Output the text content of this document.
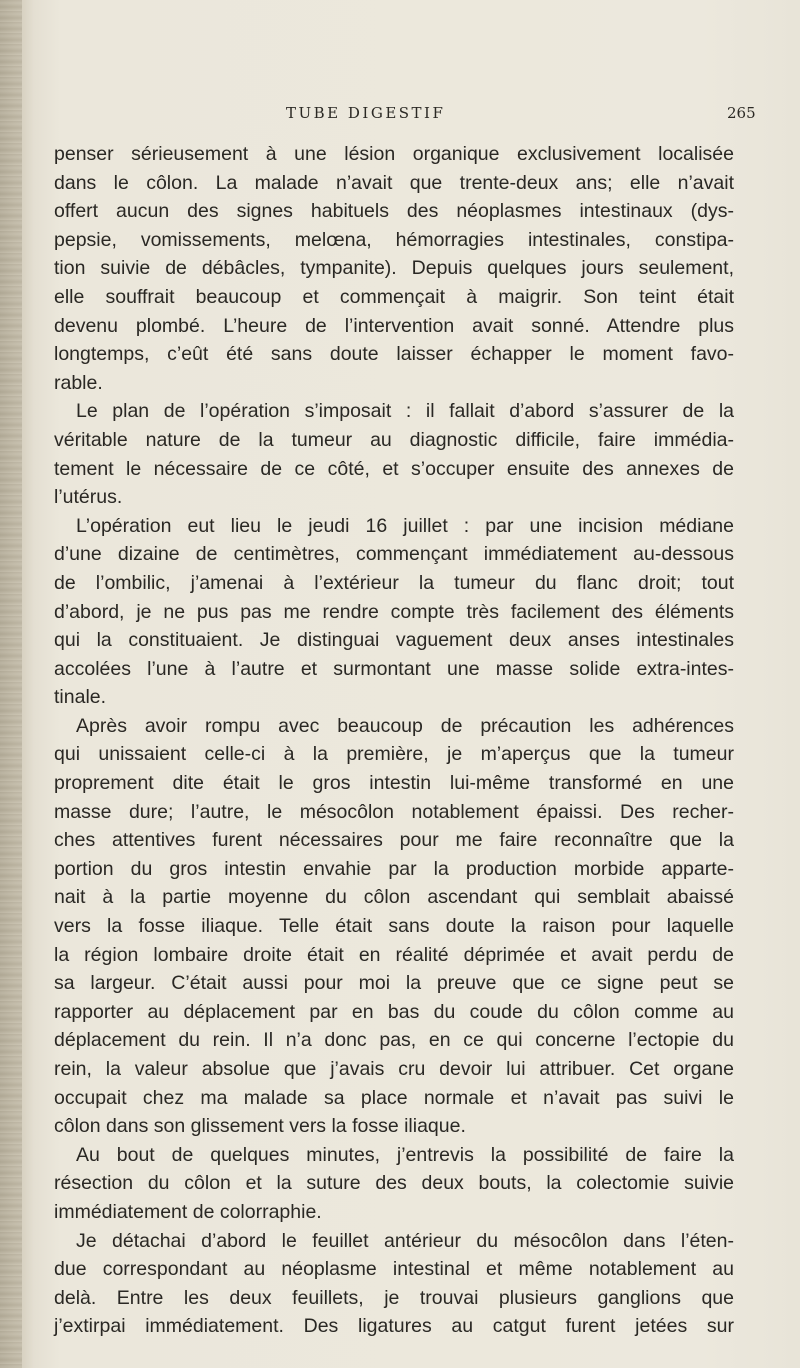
TUBE DIGESTIF	265
penser sérieusement à une lésion organique exclusivement localisée
dans le côlon. La malade n’avait que trente-deux ans; elle n’avait
offert aucun des signes habituels des néoplasmes intestinaux (dys-
pepsie, vomissements, melœna, hémorragies intestinales, constipa-
tion suivie de débâcles, tympanite). Depuis quelques jours seulement,
elle souffrait beaucoup et commençait à maigrir. Son teint était
devenu plombé. L’heure de l’intervention avait sonné. Attendre plus
longtemps, c’eût été sans doute laisser échapper le moment favo-
rable.
Le plan de l’opération s’imposait : il fallait d’abord s’assurer de la
véritable nature de la tumeur au diagnostic difficile, faire immédia-
tement le nécessaire de ce côté, et s’occuper ensuite des annexes de
l’utérus.
L’opération eut lieu le jeudi 16 juillet : par une incision médiane
d’une dizaine de centimètres, commençant immédiatement au-dessous
de l’ombilic, j’amenai à l’extérieur la tumeur du flanc droit; tout
d’abord, je ne pus pas me rendre compte très facilement des éléments
qui la constituaient. Je distinguai vaguement deux anses intestinales
accolées l’une à l’autre et surmontant une masse solide extra-intes-
tinale.
Après avoir rompu avec beaucoup de précaution les adhérences
qui unissaient celle-ci à la première, je m’aperçus que la tumeur
proprement dite était le gros intestin lui-même transformé en une
masse dure; l’autre, le mésocôlon notablement épaissi. Des recher-
ches attentives furent nécessaires pour me faire reconnaître que la
portion du gros intestin envahie par la production morbide apparte-
nait à la partie moyenne du côlon ascendant qui semblait abaissé
vers la fosse iliaque. Telle était sans doute la raison pour laquelle
la région lombaire droite était en réalité déprimée et avait perdu de
sa largeur. C’était aussi pour moi la preuve que ce signe peut se
rapporter au déplacement par en bas du coude du côlon comme au
déplacement du rein. Il n’a donc pas, en ce qui concerne l’ectopie du
rein, la valeur absolue que j’avais cru devoir lui attribuer. Cet organe
occupait chez ma malade sa place normale et n’avait pas suivi le
côlon dans son glissement vers la fosse iliaque.
Au bout de quelques minutes, j’entrevis la possibilité de faire la
résection du côlon et la suture des deux bouts, la colectomie suivie
immédiatement de colorraphie.
Je détachai d’abord le feuillet antérieur du mésocôlon dans l’éten-
due correspondant au néoplasme intestinal et même notablement au
delà. Entre les deux feuillets, je trouvai plusieurs ganglions que
j’extirpai immédiatement. Des ligatures au catgut furent jetées sur
